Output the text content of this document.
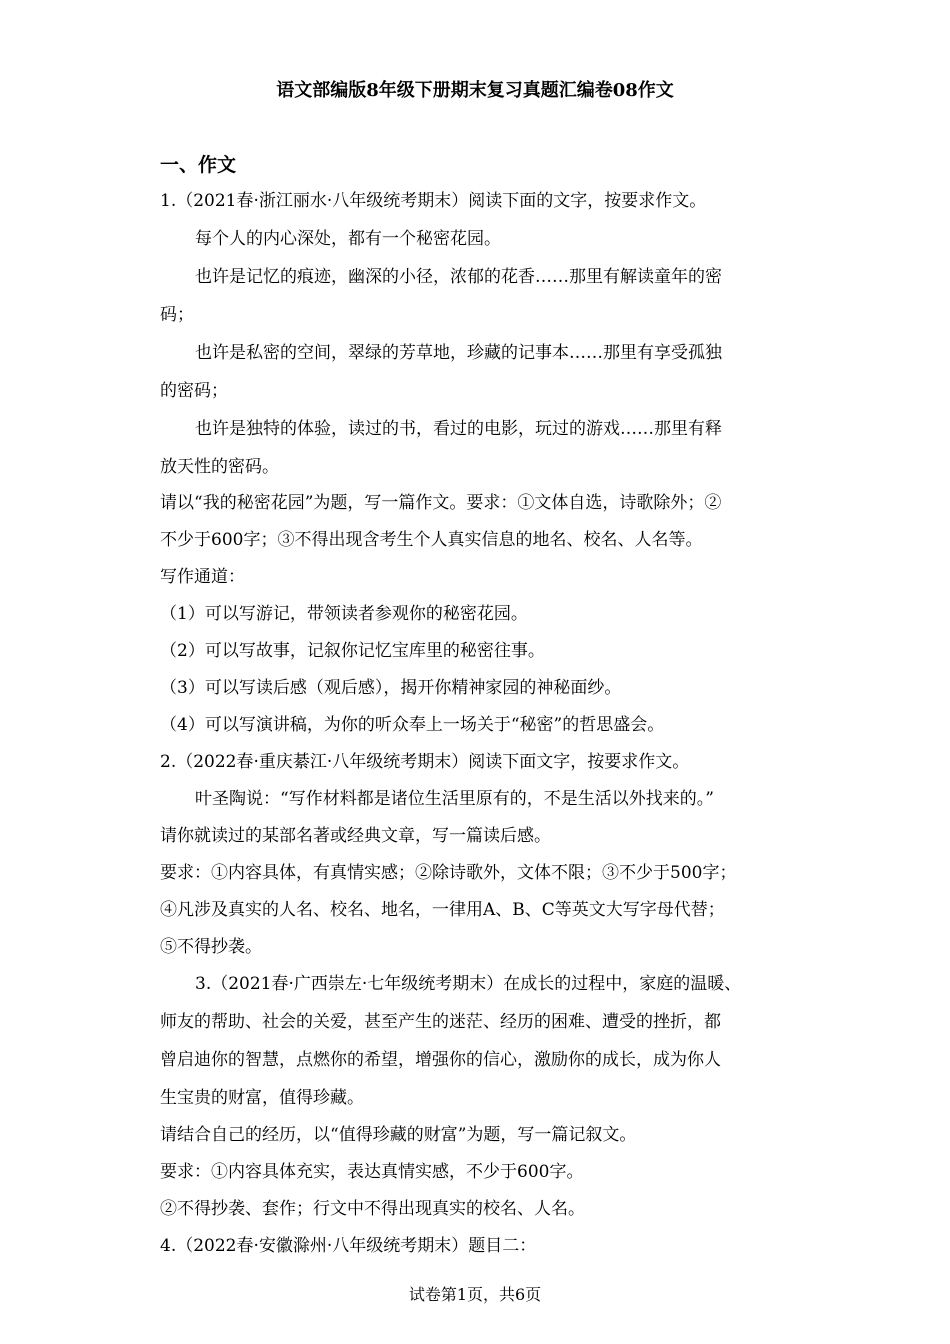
语文部编版8年级下册期末复习真题汇编卷08作文
一、作文
1.（2021春·浙江丽水·八年级统考期末）阅读下面的文字，按要求作文。
每个人的内心深处，都有一个秘密花园。
也许是记忆的痕迹，幽深的小径，浓郁的花香……那里有解读童年的密
码；
也许是私密的空间，翠绿的芳草地，珍藏的记事本……那里有享受孤独
的密码；
也许是独特的体验，读过的书，看过的电影，玩过的游戏……那里有释
放天性的密码。
请以“我的秘密花园”为题，写一篇作文。要求：①文体自选，诗歌除外；②
不少于600字；③不得出现含考生个人真实信息的地名、校名、人名等。
写作通道：
（1）可以写游记，带领读者参观你的秘密花园。
（2）可以写故事，记叙你记忆宝库里的秘密往事。
（3）可以写读后感（观后感），揭开你精神家园的神秘面纱。
（4）可以写演讲稿，为你的听众奉上一场关于“秘密”的哲思盛会。
2.（2022春·重庆綦江·八年级统考期末）阅读下面文字，按要求作文。
叶圣陶说：“写作材料都是诸位生活里原有的，不是生活以外找来的。”
请你就读过的某部名著或经典文章，写一篇读后感。
要求：①内容具体，有真情实感；②除诗歌外，文体不限；③不少于500字；
④凡涉及真实的人名、校名、地名，一律用A、B、C等英文大写字母代替；
⑤不得抄袭。
3.（2021春·广西崇左·七年级统考期末）在成长的过程中，家庭的温暖、
师友的帮助、社会的关爱，甚至产生的迷茫、经历的困难、遭受的挫折，都
曾启迪你的智慧，点燃你的希望，增强你的信心，激励你的成长，成为你人
生宝贵的财富，值得珍藏。
请结合自己的经历，以“值得珍藏的财富”为题，写一篇记叙文。
要求：①内容具体充实，表达真情实感，不少于600字。
②不得抄袭、套作；行文中不得出现真实的校名、人名。
4.（2022春·安徽滁州·八年级统考期末）题目二：
试卷第1页，共6页
